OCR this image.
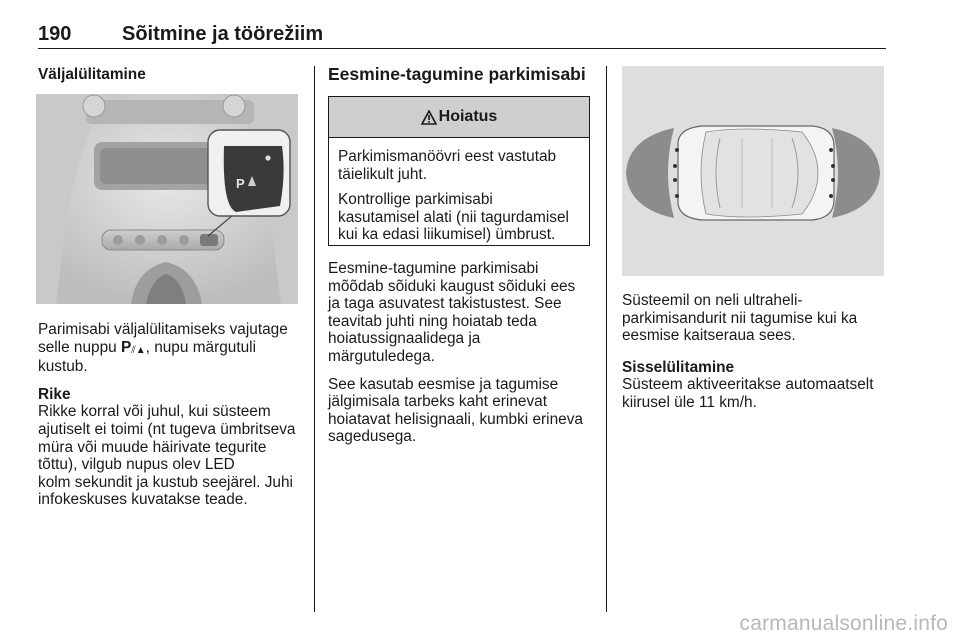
190	Sõitmine ja töörežiim
Väljalülitamine
P

Parimisabi väljalülitamiseks vajutage
selle nuppu P⫽▲, nupu märgutuli
kustub.

Rike

Rikke korral või juhul, kui süsteem
ajutiselt ei toimi (nt tugeva ümbritseva
müra või muude häirivate tegurite
tõttu), vilgub nupus olev LED
kolm sekundit ja kustub seejärel. Juhi
infokeskuses kuvatakse teade.

Eesmine-tagumine parkimisabi
Hoiatus

Parkimismanöövri eest vastutab
täielikult juht.

Kontrollige parkimisabi
kasutamisel alati (nii tagurdamisel
kui ka edasi liikumisel) ümbrust.

Eesmine-tagumine parkimisabi
mõõdab sõiduki kaugust sõiduki ees
ja taga asuvatest takistustest. See
teavitab juhti ning hoiatab teda
hoiatussignaalidega ja
märgutuledega.

See kasutab eesmise ja tagumise
jälgimisala tarbeks kaht erinevat
hoiatavat helisignaali, kumbki erineva
sagedusega.

Süsteemil on neli ultraheli-
parkimisandurit nii tagumise kui ka
eesmise kaitseraua sees.

Sisselülitamine

Süsteem aktiveeritakse automaatselt
kiirusel üle 11 km/h.

carmanualsonline.info
